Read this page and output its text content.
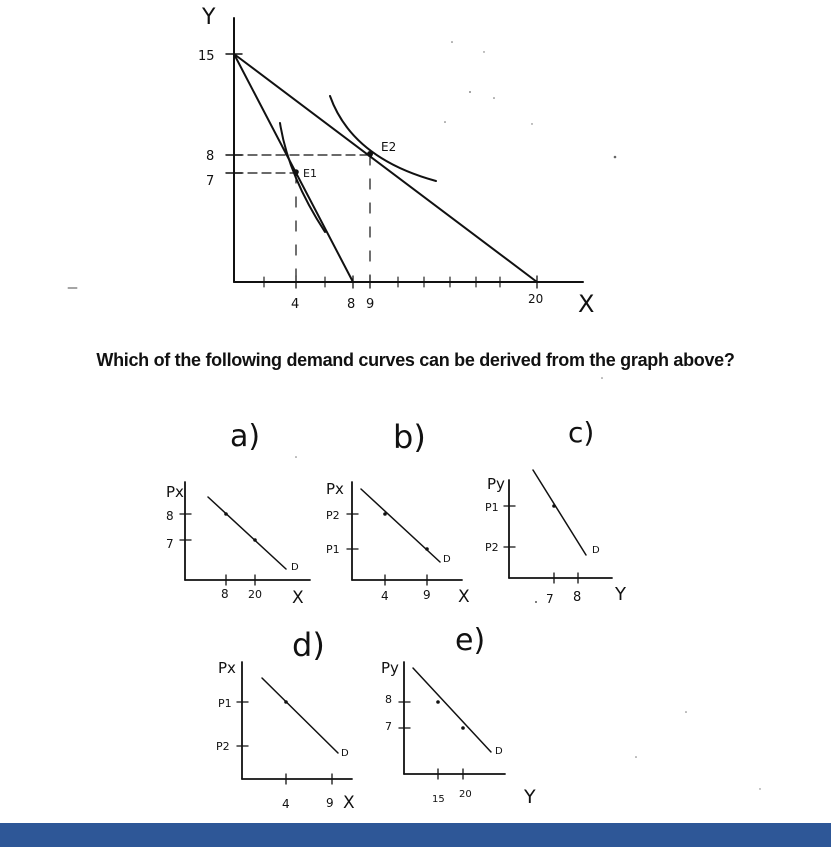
Y
X
15
8
7
4	8 9	20
E1
E2
a)
Px
8
7
D
8 20 X
b)
Px
P2
P1
D
4	9 X
c)
Py
P1
P2	D
7 8 Y
d)
Px
P1
P2
D
4	9 X
e)
Py
8
7
D
15 20	Y
Which of the following demand curves can be derived from the graph above?
